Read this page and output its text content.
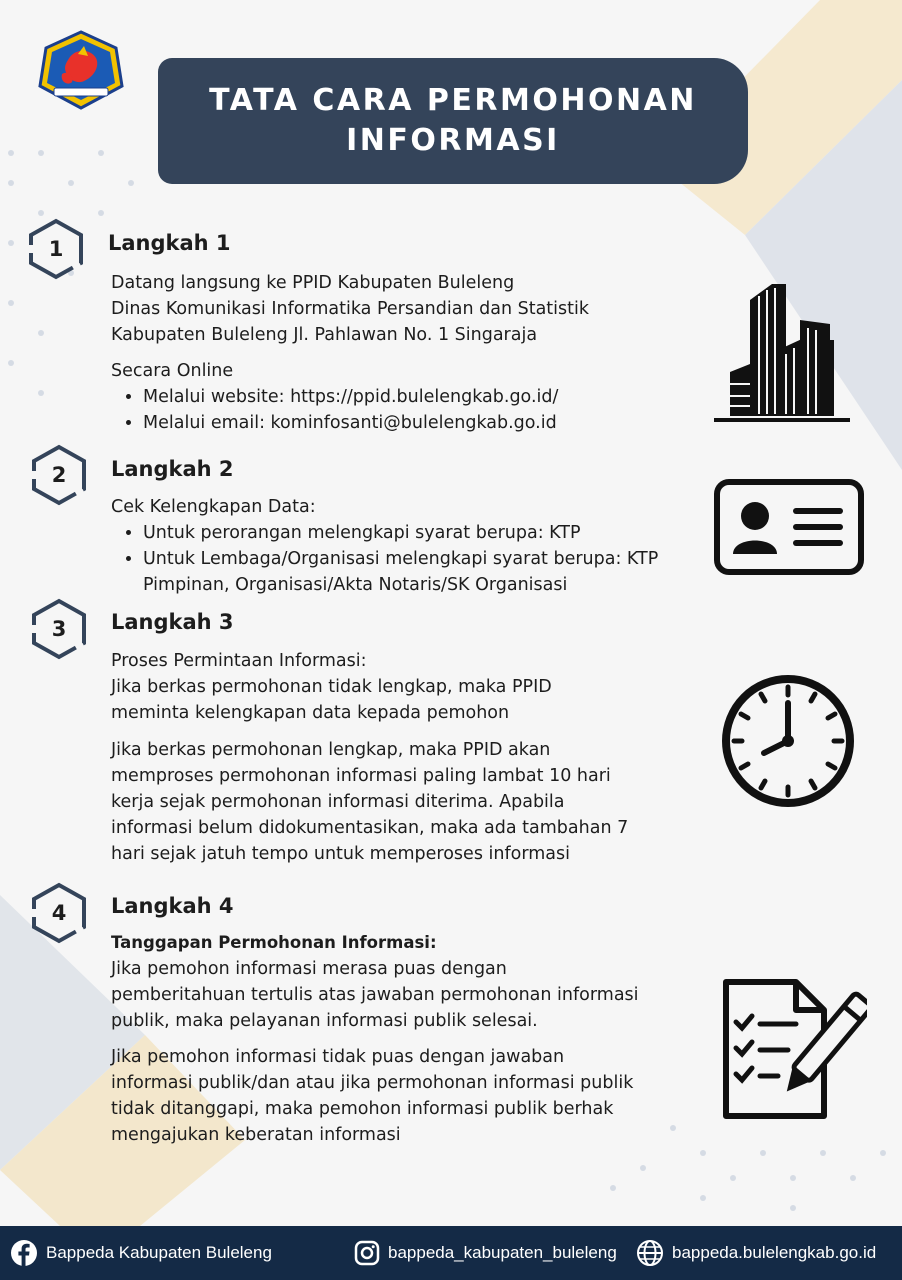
TATA CARA PERMOHONAN INFORMASI
1	Langkah 1

Datang langsung ke PPID Kabupaten Buleleng

Dinas Komunikasi Informatika Persandian dan Statistik

Kabupaten Buleleng Jl. Pahlawan No. 1 Singaraja

Secara Online

• Melalui website: https://ppid.bulelengkab.go.id/
• Melalui email: kominfosanti@bulelengkab.go.id
2	Langkah 2

Cek Kelengkapan Data:

• Untuk perorangan melengkapi syarat berupa: KTP
• Untuk Lembaga/Organisasi melengkapi syarat berupa: KTP Pimpinan, Organisasi/Akta Notaris/SK Organisasi
3	Langkah 3

Proses Permintaan Informasi:

Jika berkas permohonan tidak lengkap, maka PPID

meminta kelengkapan data kepada pemohon

Jika berkas permohonan lengkap, maka PPID akan

memproses permohonan informasi paling lambat 10 hari

kerja sejak permohonan informasi diterima. Apabila

informasi belum didokumentasikan, maka ada tambahan 7

hari sejak jatuh tempo untuk memperoses informasi

4	Langkah 4

Tanggapan Permohonan Informasi:

Jika pemohon informasi merasa puas dengan

pemberitahuan tertulis atas jawaban permohonan informasi

publik, maka pelayanan informasi publik selesai.

Jika pemohon informasi tidak puas dengan jawaban

informasi publik/dan atau jika permohonan informasi publik

tidak ditanggapi, maka pemohon informasi publik berhak

mengajukan keberatan informasi

Bappeda Kabupaten Buleleng	bappeda_kabupaten_buleleng	bappeda.bulelengkab.go.id
